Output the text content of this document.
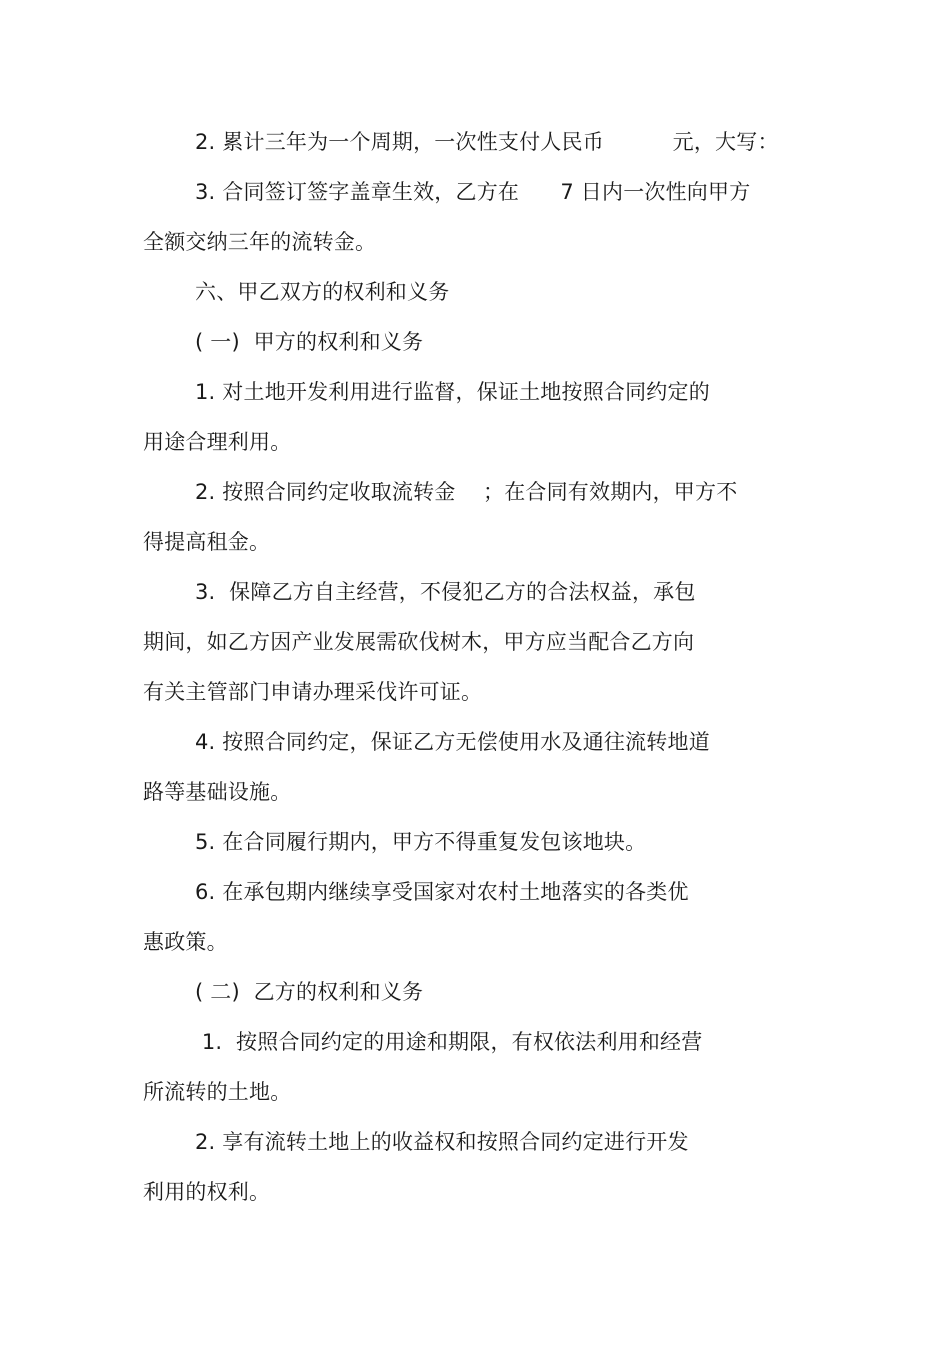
2. 累计三年为一个周期，一次性支付人民币          元，大写：
3. 合同签订签字盖章生效，乙方在      7 日内一次性向甲方
全额交纳三年的流转金。
六、甲乙双方的权利和义务
( 一)  甲方的权利和义务
1. 对土地开发利用进行监督，保证土地按照合同约定的
用途合理利用。
2. 按照合同约定收取流转金    ；在合同有效期内，甲方不
得提高租金。
3.  保障乙方自主经营，不侵犯乙方的合法权益，承包
期间，如乙方因产业发展需砍伐树木，甲方应当配合乙方向
有关主管部门申请办理采伐许可证。
4. 按照合同约定，保证乙方无偿使用水及通往流转地道
路等基础设施。
5. 在合同履行期内，甲方不得重复发包该地块。
6. 在承包期内继续享受国家对农村土地落实的各类优
惠政策。
( 二)  乙方的权利和义务
1.  按照合同约定的用途和期限，有权依法利用和经营
所流转的土地。
2. 享有流转土地上的收益权和按照合同约定进行开发
利用的权利。
